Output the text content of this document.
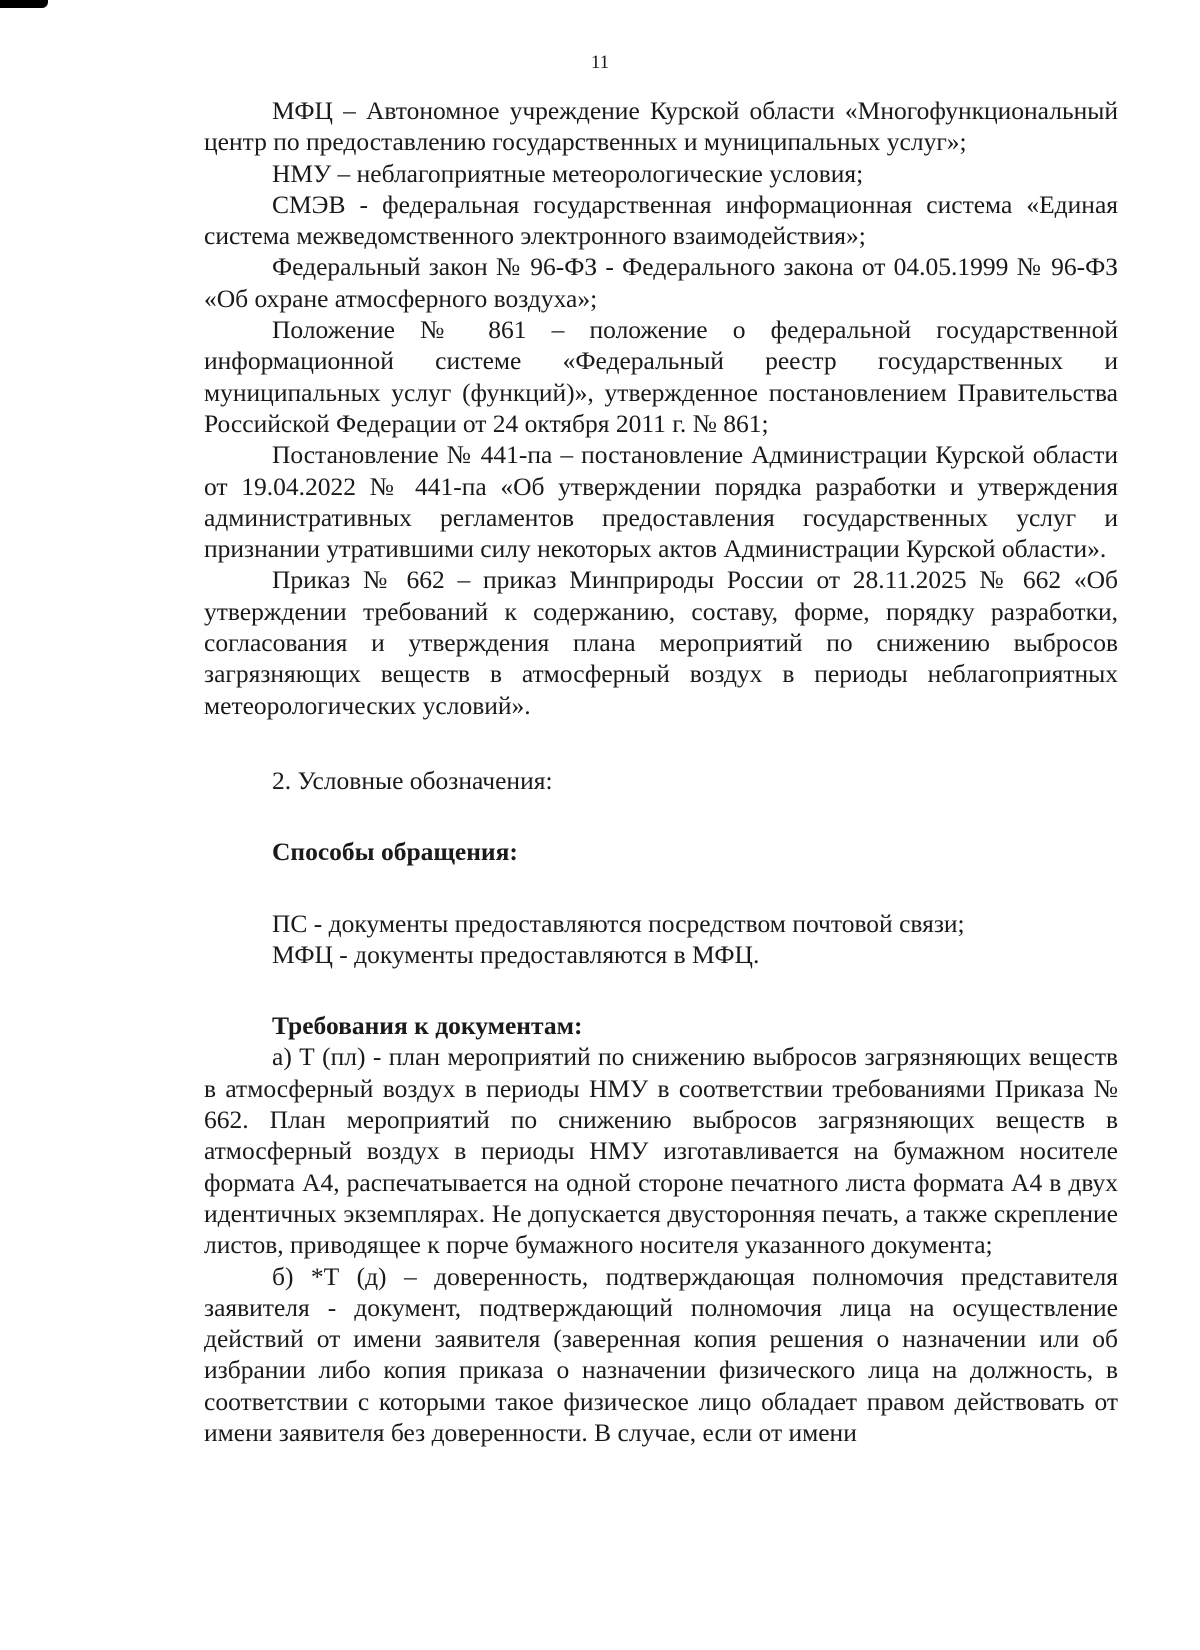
11

МФЦ – Автономное учреждение Курской области «Многофункциональный центр по предоставлению государственных и муниципальных услуг»;

НМУ – неблагоприятные метеорологические условия;

СМЭВ - федеральная государственная информационная система «Единая система межведомственного электронного взаимодействия»;

Федеральный закон № 96-ФЗ - Федерального закона от 04.05.1999 № 96-ФЗ «Об охране атмосферного воздуха»;

Положение № 861 – положение о федеральной государственной информационной системе «Федеральный реестр государственных и муниципальных услуг (функций)», утвержденное постановлением Правительства Российской Федерации от 24 октября 2011 г. № 861;

Постановление № 441-па – постановление Администрации Курской области от 19.04.2022 № 441-па «Об утверждении порядка разработки и утверждения административных регламентов предоставления государственных услуг и признании утратившими силу некоторых актов Администрации Курской области».

Приказ № 662 – приказ Минприроды России от 28.11.2025 № 662 «Об утверждении требований к содержанию, составу, форме, порядку разработки, согласования и утверждения плана мероприятий по снижению выбросов загрязняющих веществ в атмосферный воздух в периоды неблагоприятных метеорологических условий».

2. Условные обозначения:

Способы обращения:

ПС - документы предоставляются посредством почтовой связи;

МФЦ - документы предоставляются в МФЦ.

Требования к документам:

а) Т (пл) - план мероприятий по снижению выбросов загрязняющих веществ в атмосферный воздух в периоды НМУ в соответствии требованиями Приказа № 662. План мероприятий по снижению выбросов загрязняющих веществ в атмосферный воздух в периоды НМУ изготавливается на бумажном носителе формата А4, распечатывается на одной стороне печатного листа формата А4 в двух идентичных экземплярах. Не допускается двусторонняя печать, а также скрепление листов, приводящее к порче бумажного носителя указанного документа;

б) *Т (д) – доверенность, подтверждающая полномочия представителя заявителя - документ, подтверждающий полномочия лица на осуществление действий от имени заявителя (заверенная копия решения о назначении или об избрании либо копия приказа о назначении физического лица на должность, в соответствии с которыми такое физическое лицо обладает правом действовать от имени заявителя без доверенности. В случае, если от имени
